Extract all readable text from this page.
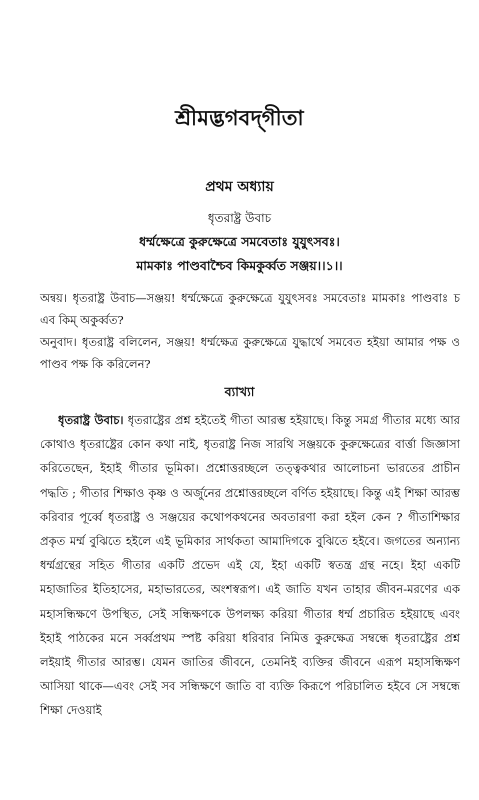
শ্রীমদ্ভগবদ্‌গীতা
প্রথম অধ্যায়
ধৃতরাষ্ট্র উবাচ
ধর্ম্মক্ষেত্রে কুরুক্ষেত্রে সমবেতাঃ যুযুৎসবঃ।
মামকাঃ পাণ্ডবাশ্চৈব কিমকুর্ব্বত সঞ্জয়।।১।।

অন্বয়। ধৃতরাষ্ট্র উবাচ—সঞ্জয়! ধর্ম্মক্ষেত্রে কুরুক্ষেত্রে যুযুৎসবঃ সমবেতাঃ মামকাঃ পাণ্ডবাঃ চ এব কিম্‌ অকুর্ব্বত?

অনুবাদ। ধৃতরাষ্ট্র বলিলেন, সঞ্জয়! ধর্ম্মক্ষেত্র কুরুক্ষেত্রে যুদ্ধার্থে সমবেত হইয়া আমার পক্ষ ও পাণ্ডব পক্ষ কি করিলেন?

ব্যাখ্যা

ধৃতরাষ্ট্র উবাচ। ধৃতরাষ্ট্রের প্রশ্ন হইতেই গীতা আরম্ভ হইয়াছে। কিন্তু সমগ্র গীতার মধ্যে আর কোথাও ধৃতরাষ্ট্রের কোন কথা নাই, ধৃতরাষ্ট্র নিজ সারথি সঞ্জয়কে কুরুক্ষেত্রের বার্ত্তা জিজ্ঞাসা করিতেছেন, ইহাই গীতার ভূমিকা। প্রশ্নোত্তরচ্ছলে তত্ত্বকথার আলোচনা ভারতের প্রাচীন পদ্ধতি ; গীতার শিক্ষাও কৃষ্ণ ও অর্জুনের প্রশ্নোত্তরচ্ছলে বর্ণিত হইয়াছে। কিন্তু এই শিক্ষা আরম্ভ করিবার পূর্ব্বে ধৃতরাষ্ট্র ও সঞ্জয়ের কথোপকথনের অবতারণা করা হইল কেন ? গীতাশিক্ষার প্রকৃত মর্ম্ম বুঝিতে হইলে এই ভূমিকার সার্থকতা আমাদিগকে বুঝিতে হইবে। জগতের অন্যান্য ধর্ম্মগ্রন্থের সহিত গীতার একটি প্রভেদ এই যে, ইহা একটি স্বতন্ত্র গ্রন্থ নহে। ইহা একটি মহাজাতির ইতিহাসের, মহাভারতের, অংশস্বরূপ। এই জাতি যখন তাহার জীবন-মরণের এক মহাসন্ধিক্ষণে উপস্থিত, সেই সন্ধিক্ষণকে উপলক্ষ্য করিয়া গীতার ধর্ম্ম প্রচারিত হইয়াছে এবং ইহাই পাঠকের মনে সর্ব্বপ্রথম স্পষ্ট করিয়া ধরিবার নিমিত্ত কুরুক্ষেত্র সম্বন্ধে ধৃতরাষ্ট্রের প্রশ্ন লইয়াই গীতার আরম্ভ। যেমন জাতির জীবনে, তেমনিই ব্যক্তির জীবনে এরূপ মহাসন্ধিক্ষণ আসিয়া থাকে—এবং সেই সব সন্ধিক্ষণে জাতি বা ব্যক্তি কিরূপে পরিচালিত হইবে সে সম্বন্ধে শিক্ষা দেওয়াই
